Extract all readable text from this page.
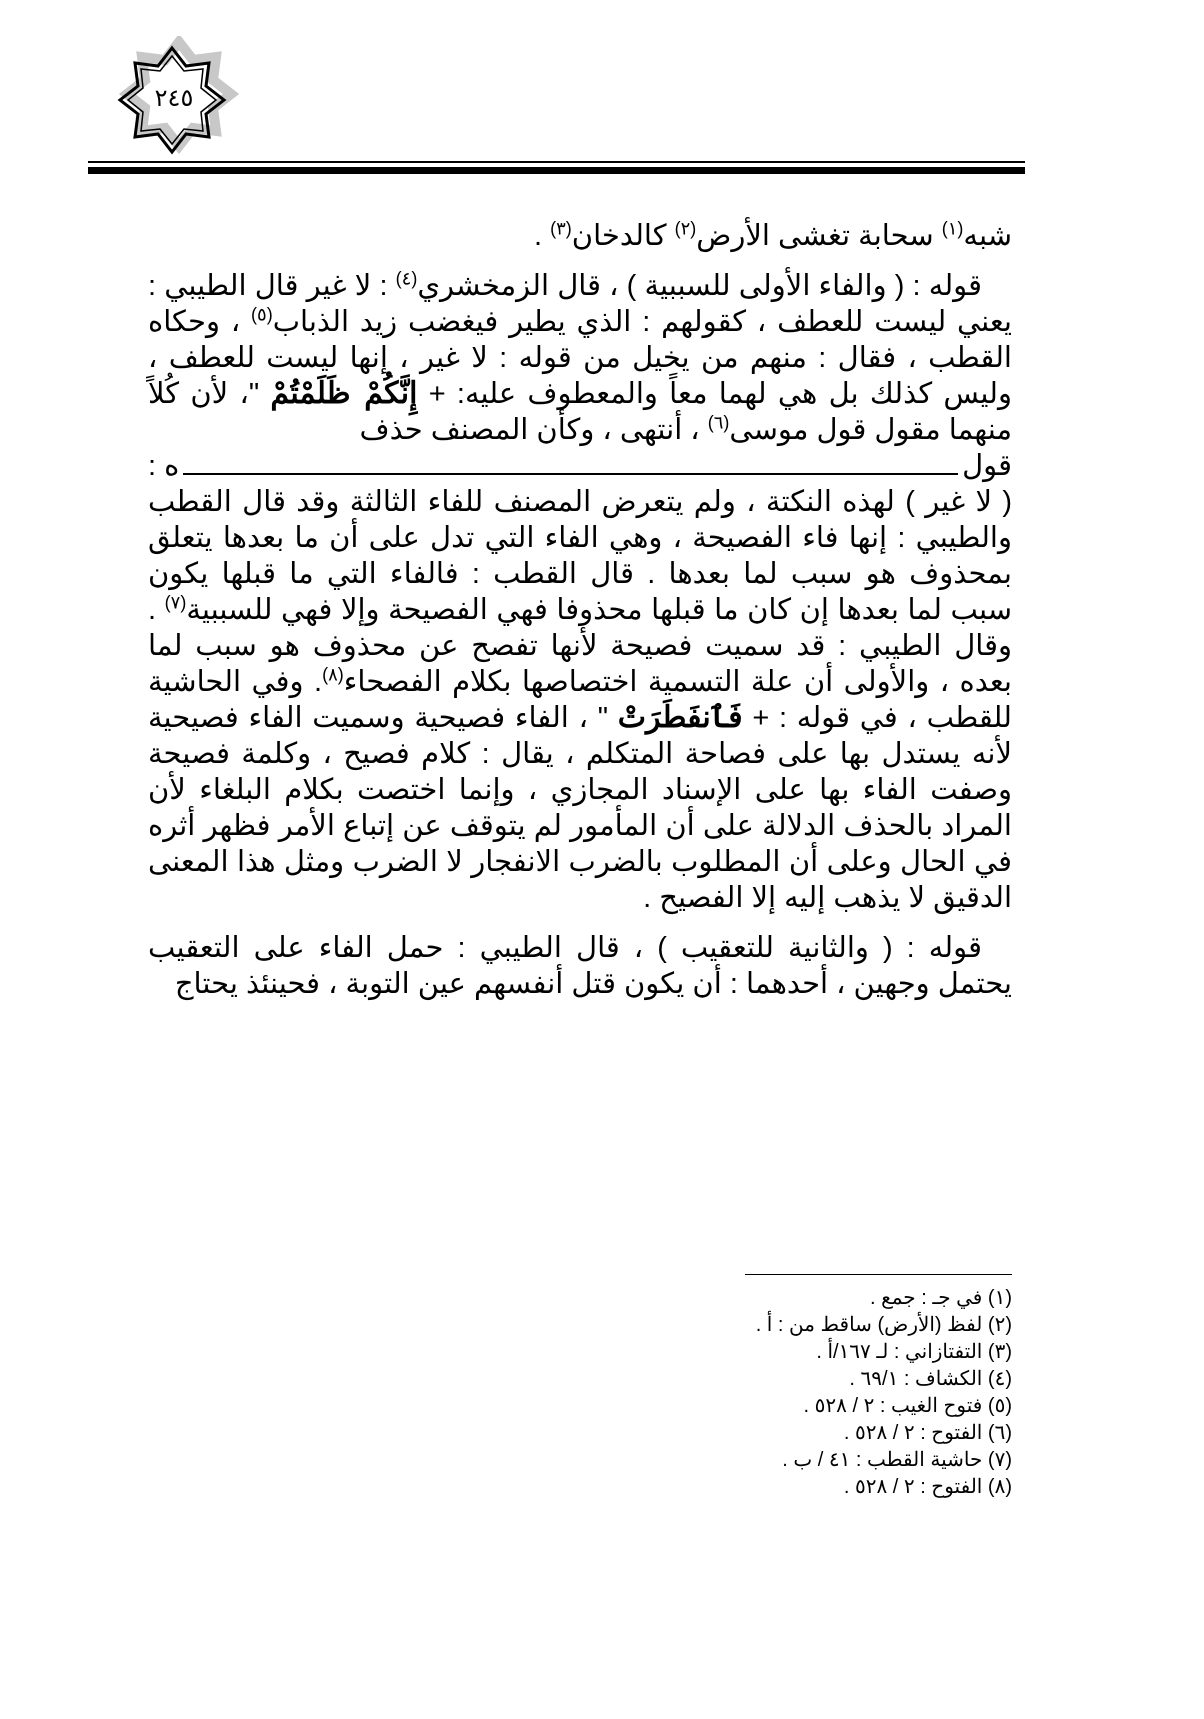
٢٤٥

شبه$^{(١)}$ سحابة تغشى الأرض$^{(٢)}$ كالدخان$^{(٣)}$ .

قوله : ( والفاء الأولى للسببية ) ، قال الزمخشري$^{(٤)}$ : لا غير قال الطيبي : يعني ليست للعطف ، كقولهم : الذي يطير فيغضب زيد الذباب$^{(٥)}$ ، وحكاه القطب ، فقال : منهم من يخيل من قوله : لا غير ، إنها ليست للعطف ، وليس كذلك بل هي لهما معاً والمعطوف عليه: + إِنَّكُمْ ظَلَمْتُمْ "، لأن كُلاً منهما مقول قول موسى$^{(٦)}$ ، أنتهى ، وكأن المصنف حذف

قول
ه :

( لا غير ) لهذه النكتة ، ولم يتعرض المصنف للفاء الثالثة وقد قال القطب والطيبي : إنها فاء الفصيحة ، وهي الفاء التي تدل على أن ما بعدها يتعلق بمحذوف هو سبب لما بعدها . قال القطب : فالفاء التي ما قبلها يكون سبب لما بعدها إن كان ما قبلها محذوفا فهي الفصيحة وإلا فهي للسببية$^{(٧)}$ . وقال الطيبي : قد سميت فصيحة لأنها تفصح عن محذوف هو سبب لما بعده ، والأولى أن علة التسمية اختصاصها بكلام الفصحاء$^{(٨)}$. وفي الحاشية للقطب ، في قوله : + فَٱنفَطَرَتْ " ، الفاء فصيحية وسميت الفاء فصيحية لأنه يستدل بها على فصاحة المتكلم ، يقال : كلام فصيح ، وكلمة فصيحة وصفت الفاء بها على الإسناد المجازي ، وإنما اختصت بكلام البلغاء لأن المراد بالحذف الدلالة على أن المأمور لم يتوقف عن إتباع الأمر فظهر أثره في الحال وعلى أن المطلوب بالضرب الانفجار لا الضرب ومثل هذا المعنى الدقيق لا يذهب إليه إلا الفصيح .

قوله : ( والثانية للتعقيب ) ، قال الطيبي : حمل الفاء على التعقيب يحتمل وجهين ، أحدهما : أن يكون قتل أنفسهم عين التوبة ، فحينئذ يحتاج

(١) في جـ : جمع .
(٢) لفظ (الأرض) ساقط من : أ .
(٣) التفتازاني : لـ ١٦٧/أ .
(٤) الكشاف : ٦٩/١ .
(٥) فتوح الغيب : ٢ / ٥٢٨ .
(٦) الفتوح : ٢ / ٥٢٨ .
(٧) حاشية القطب : ٤١ / ب .
(٨) الفتوح : ٢ / ٥٢٨ .
